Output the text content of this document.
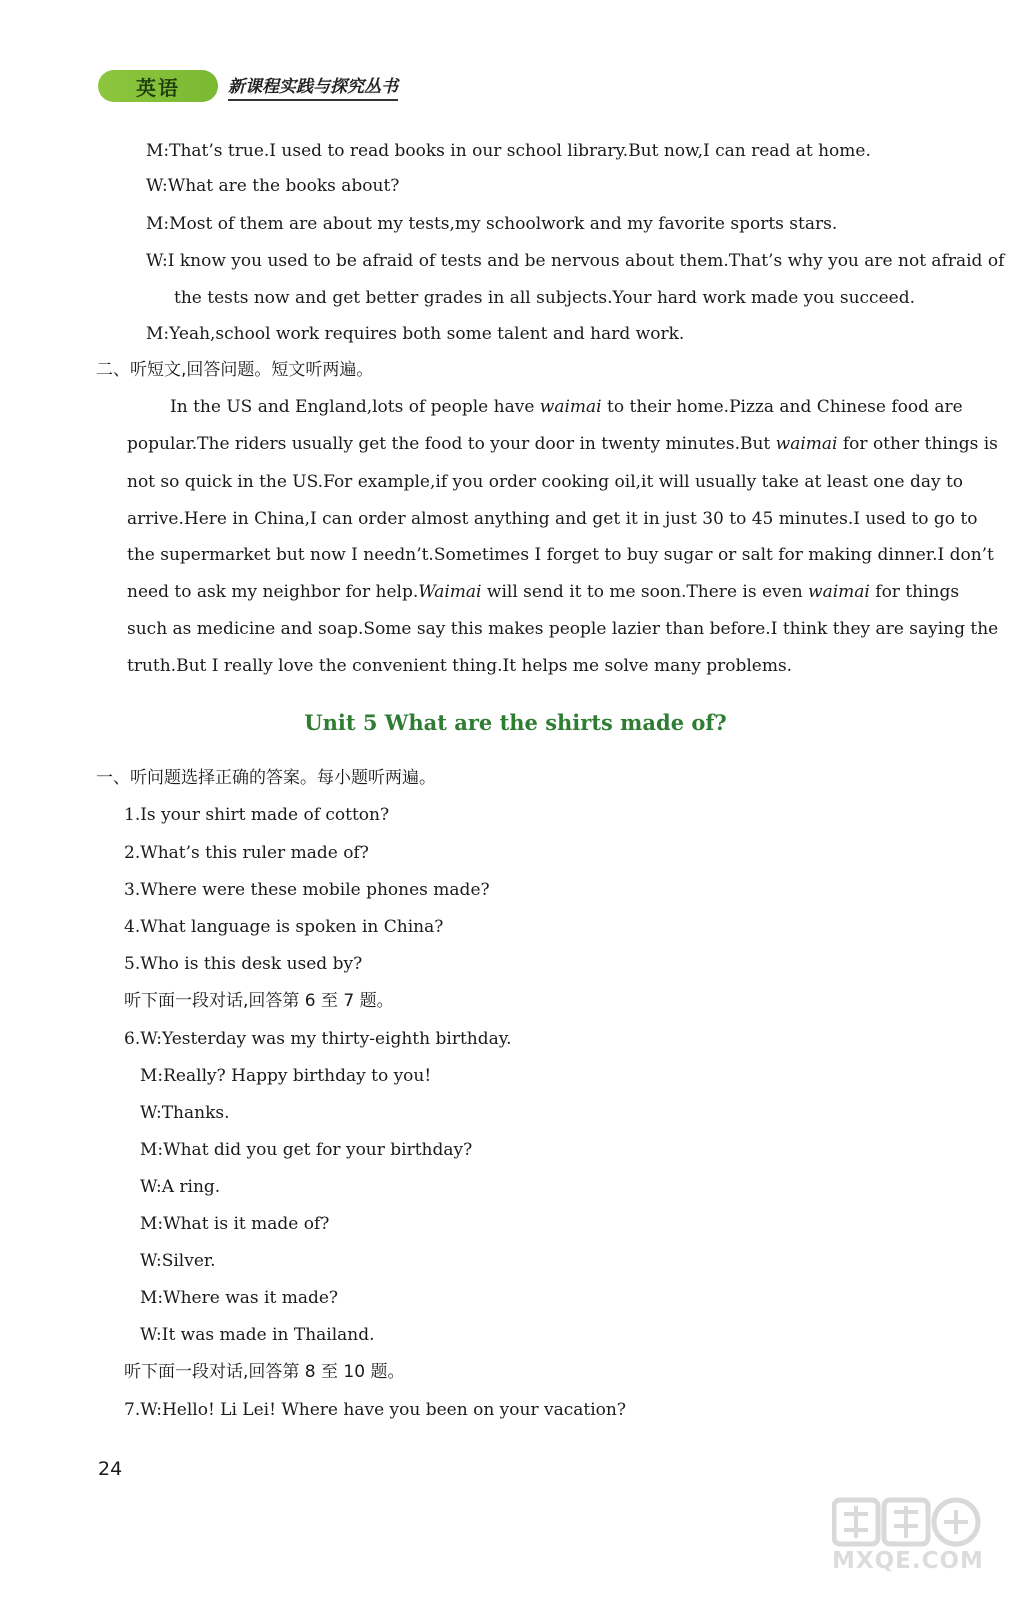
英语	新课程实践与探究丛书
M:That’s true.I used to read books in our school library.But now,I can read at home.
W:What are the books about?
M:Most of them are about my tests,my schoolwork and my favorite sports stars.
W:I know you used to be afraid of tests and be nervous about them.That’s why you are not afraid of
the tests now and get better grades in all subjects.Your hard work made you succeed.
M:Yeah,school work requires both some talent and hard work.
二、听短文,回答问题。短文听两遍。
In the US and England,lots of people have waimai to their home.Pizza and Chinese food are
popular.The riders usually get the food to your door in twenty minutes.But waimai for other things is
not so quick in the US.For example,if you order cooking oil,it will usually take at least one day to
arrive.Here in China,I can order almost anything and get it in just 30 to 45 minutes.I used to go to
the supermarket but now I needn’t.Sometimes I forget to buy sugar or salt for making dinner.I don’t
need to ask my neighbor for help.Waimai will send it to me soon.There is even waimai for things
such as medicine and soap.Some say this makes people lazier than before.I think they are saying the
truth.But I really love the convenient thing.It helps me solve many problems.
Unit 5 What are the shirts made of?
一、听问题选择正确的答案。每小题听两遍。
1.Is your shirt made of cotton?
2.What’s this ruler made of?
3.Where were these mobile phones made?
4.What language is spoken in China?
5.Who is this desk used by?
听下面一段对话,回答第 6 至 7 题。
6.W:Yesterday was my thirty-eighth birthday.
M:Really? Happy birthday to you!
W:Thanks.
M:What did you get for your birthday?
W:A ring.
M:What is it made of?
W:Silver.
M:Where was it made?
W:It was made in Thailand.
听下面一段对话,回答第 8 至 10 题。
7.W:Hello! Li Lei! Where have you been on your vacation?
24
MXQE.COM
